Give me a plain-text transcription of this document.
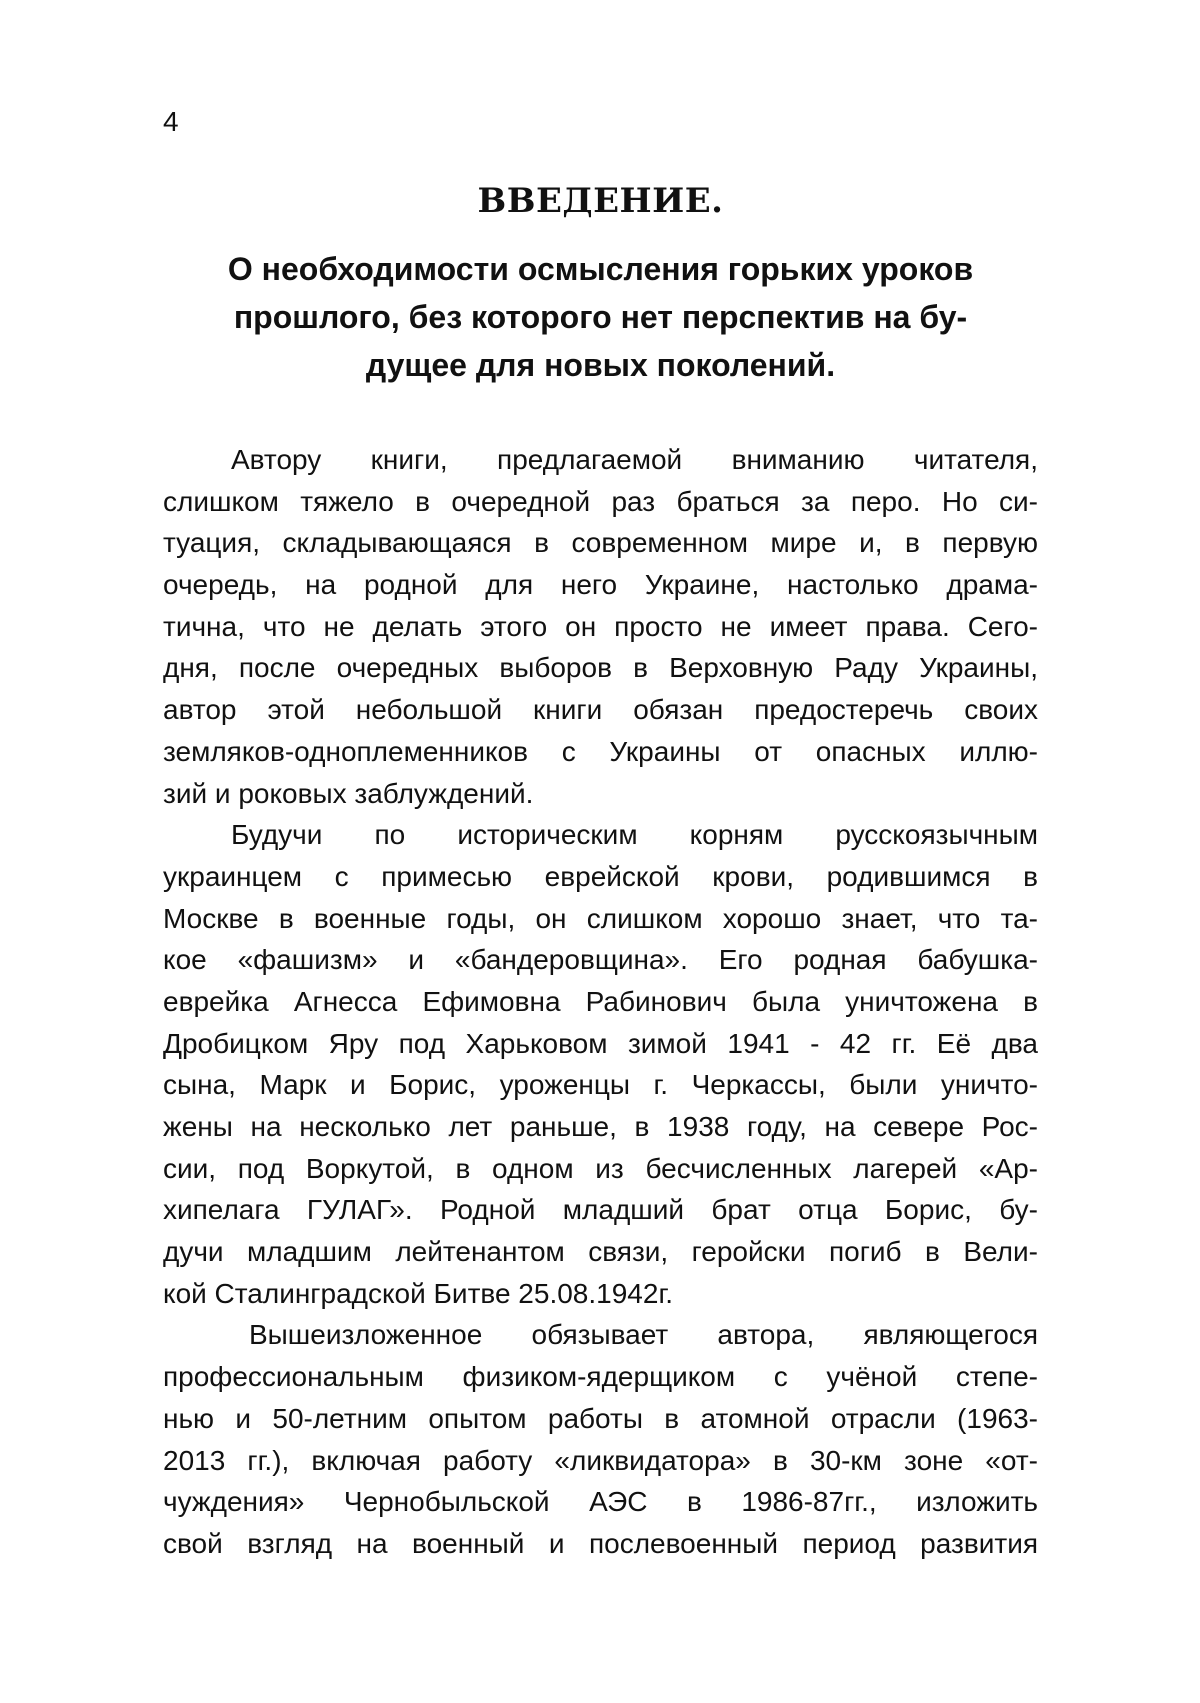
4
ВВЕДЕНИЕ.
О необходимости осмысления горьких уроков
прошлого, без которого нет перспектив на бу-
дущее для новых поколений.
Автору книги, предлагаемой вниманию читателя,
слишком тяжело в очередной раз браться за перо. Но си-
туация, складывающаяся в современном мире и, в первую
очередь, на родной для него Украине, настолько драма-
тична, что не делать этого он просто не имеет права. Сего-
дня, после очередных выборов в Верховную Раду Украины,
автор этой небольшой книги обязан предостеречь своих
земляков-одноплеменников с Украины от опасных иллю-
зий и роковых заблуждений.
Будучи по историческим корням русскоязычным
украинцем с примесью еврейской крови, родившимся в
Москве в военные годы, он слишком хорошо знает, что та-
кое «фашизм» и «бандеровщина». Его родная бабушка-
еврейка Агнесса Ефимовна Рабинович была уничтожена в
Дробицком Яру под Харьковом зимой 1941 - 42 гг. Её два
сына, Марк и Борис, уроженцы г. Черкассы, были уничто-
жены на несколько лет раньше, в 1938 году, на севере Рос-
сии, под Воркутой, в одном из бесчисленных лагерей «Ар-
хипелага ГУЛАГ». Родной младший брат отца Борис, бу-
дучи младшим лейтенантом связи, геройски погиб в Вели-
кой Сталинградской Битве 25.08.1942г.
Вышеизложенное обязывает автора, являющегося
профессиональным физиком-ядерщиком с учёной степе-
нью и 50-летним опытом работы в атомной отрасли (1963-
2013 гг.), включая работу «ликвидатора» в 30-км зоне «от-
чуждения» Чернобыльской АЭС в 1986-87гг., изложить
свой взгляд на военный и послевоенный период развития
